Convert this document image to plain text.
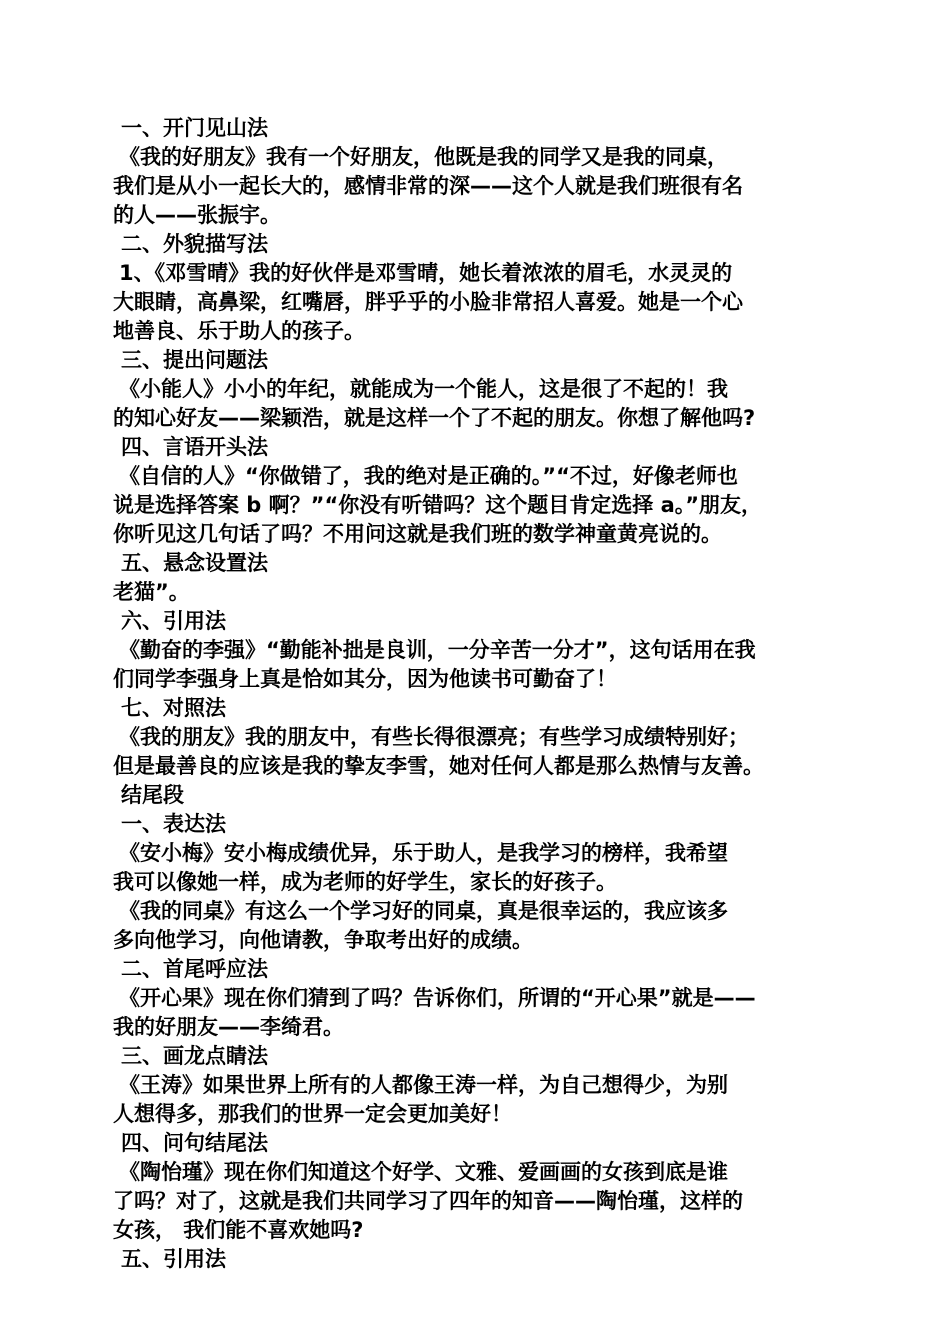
一、开门见山法
《我的好朋友》我有一个好朋友，他既是我的同学又是我的同桌，
我们是从小一起长大的，感情非常的深——这个人就是我们班很有名
的人——张振宇。
二、外貌描写法
1、《邓雪晴》我的好伙伴是邓雪晴，她长着浓浓的眉毛，水灵灵的
大眼睛，高鼻梁，红嘴唇，胖乎乎的小脸非常招人喜爱。她是一个心
地善良、乐于助人的孩子。
三、提出问题法
《小能人》小小的年纪，就能成为一个能人，这是很了不起的！我
的知心好友——梁颖浩，就是这样一个了不起的朋友。你想了解他吗?
四、言语开头法
《自信的人》“你做错了，我的绝对是正确的。”“不过，好像老师也
说是选择答案 b 啊？”“你没有听错吗？这个题目肯定选择 a。”朋友，
你听见这几句话了吗？不用问这就是我们班的数学神童黄亮说的。
五、悬念设置法
老猫”。
六、引用法
《勤奋的李强》“勤能补拙是良训，一分辛苦一分才”，这句话用在我
们同学李强身上真是恰如其分，因为他读书可勤奋了！
七、对照法
《我的朋友》我的朋友中，有些长得很漂亮；有些学习成绩特别好；
但是最善良的应该是我的挚友李雪，她对任何人都是那么热情与友善。
结尾段
一、表达法
《安小梅》安小梅成绩优异，乐于助人，是我学习的榜样，我希望
我可以像她一样，成为老师的好学生，家长的好孩子。
《我的同桌》有这么一个学习好的同桌，真是很幸运的，我应该多
多向他学习，向他请教，争取考出好的成绩。
二、首尾呼应法
《开心果》现在你们猜到了吗？告诉你们，所谓的“开心果”就是——
我的好朋友——李绮君。
三、画龙点睛法
《王涛》如果世界上所有的人都像王涛一样，为自己想得少，为别
人想得多，那我们的世界一定会更加美好！
四、问句结尾法
《陶怡瑾》现在你们知道这个好学、文雅、爱画画的女孩到底是谁
了吗？对了，这就是我们共同学习了四年的知音——陶怡瑾，这样的
女孩， 我们能不喜欢她吗?
五、引用法
